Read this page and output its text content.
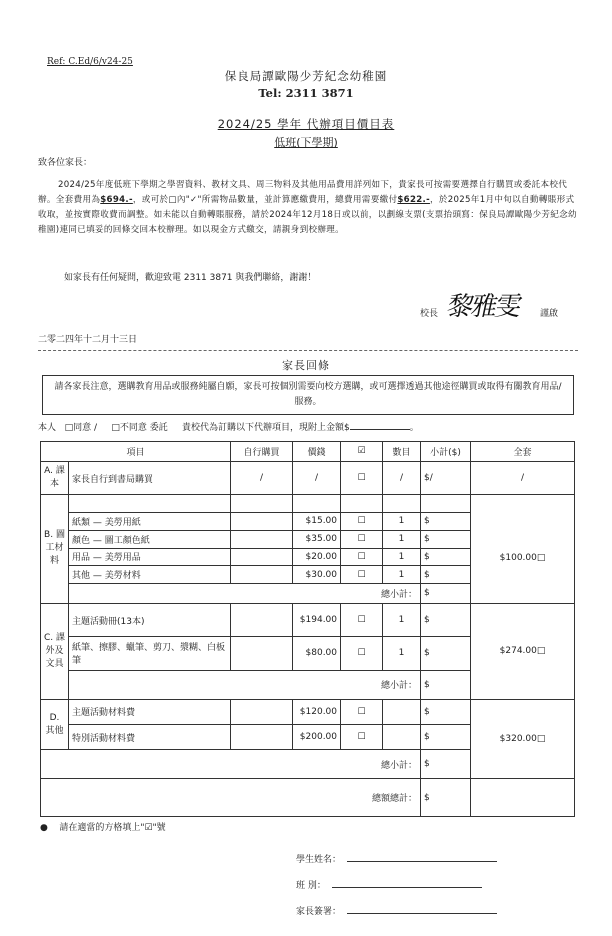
Ref: C.Ed/6/v24-25
保良局譚歐陽少芳紀念幼稚園
Tel: 2311 3871
2024/25 學年 代辦項目價目表
低班(下學期)
致各位家長：
2024/25年度低班下學期之學習資料、教材文具、周三物料及其他用品費用詳列如下，貴家長可按需要選擇自行購買或委託本校代辦。全套費用為$694.-，或可於□內"✓"所需物品數量，並計算應繳費用，總費用需要繳付$622.-，於2025年1月中旬以自動轉賬形式收取，並按實際收費而調整。如未能以自動轉賬服務，請於2024年12月18日或以前，以劃線支票(支票抬頭寫：保良局譚歐陽少芳紀念幼稚園)連同已填妥的回條交回本校辦理。如以現金方式繳交，請親身到校辦理。
如家長有任何疑問，歡迎致電 2311 3871 與我們聯絡，謝謝！
校長 黎雅雯 謹啟
二零二四年十二月十三日
家長回條
請各家長注意，選購教育用品或服務純屬自願，家長可按個別需要向校方選購，或可選擇透過其他途徑購買或取得有關教育用品/服務。
本人 □同意 / □不同意 委託 貴校代為訂購以下代辦項目，現附上金額$	。
項目		自行購買	價錢	☑	數目	小計($)	全套
A. 課本	家長自行到書局購買	/	/	☐	/	$/	/

B. 圖工材料	紙類 — 美勞用紙		$15.00	☐	1	$	$100.00□
	顏色 — 圖工顏色紙		$35.00	☐	1	$	
	用品 — 美勞用品		$20.00	☐	1	$	
	其他 — 美勞材料		$30.00	☐	1	$	
	總小計：					$	
C. 課外及文具	主題活動冊(13本)		$194.00	☐	1	$	$274.00□
	紙筆、擦膠、蠟筆、剪刀、漿糊、白板筆		$80.00	☐	1	$	
	總小計：					$	
D. 其他	主題活動材料費		$120.00	☐		$	$320.00□
	特別活動材料費		$200.00	☐		$	
總小計：						$	
總額總計：						$	
● 請在適當的方格填上"☑"號
學生姓名：
班 別：
家長簽署：
